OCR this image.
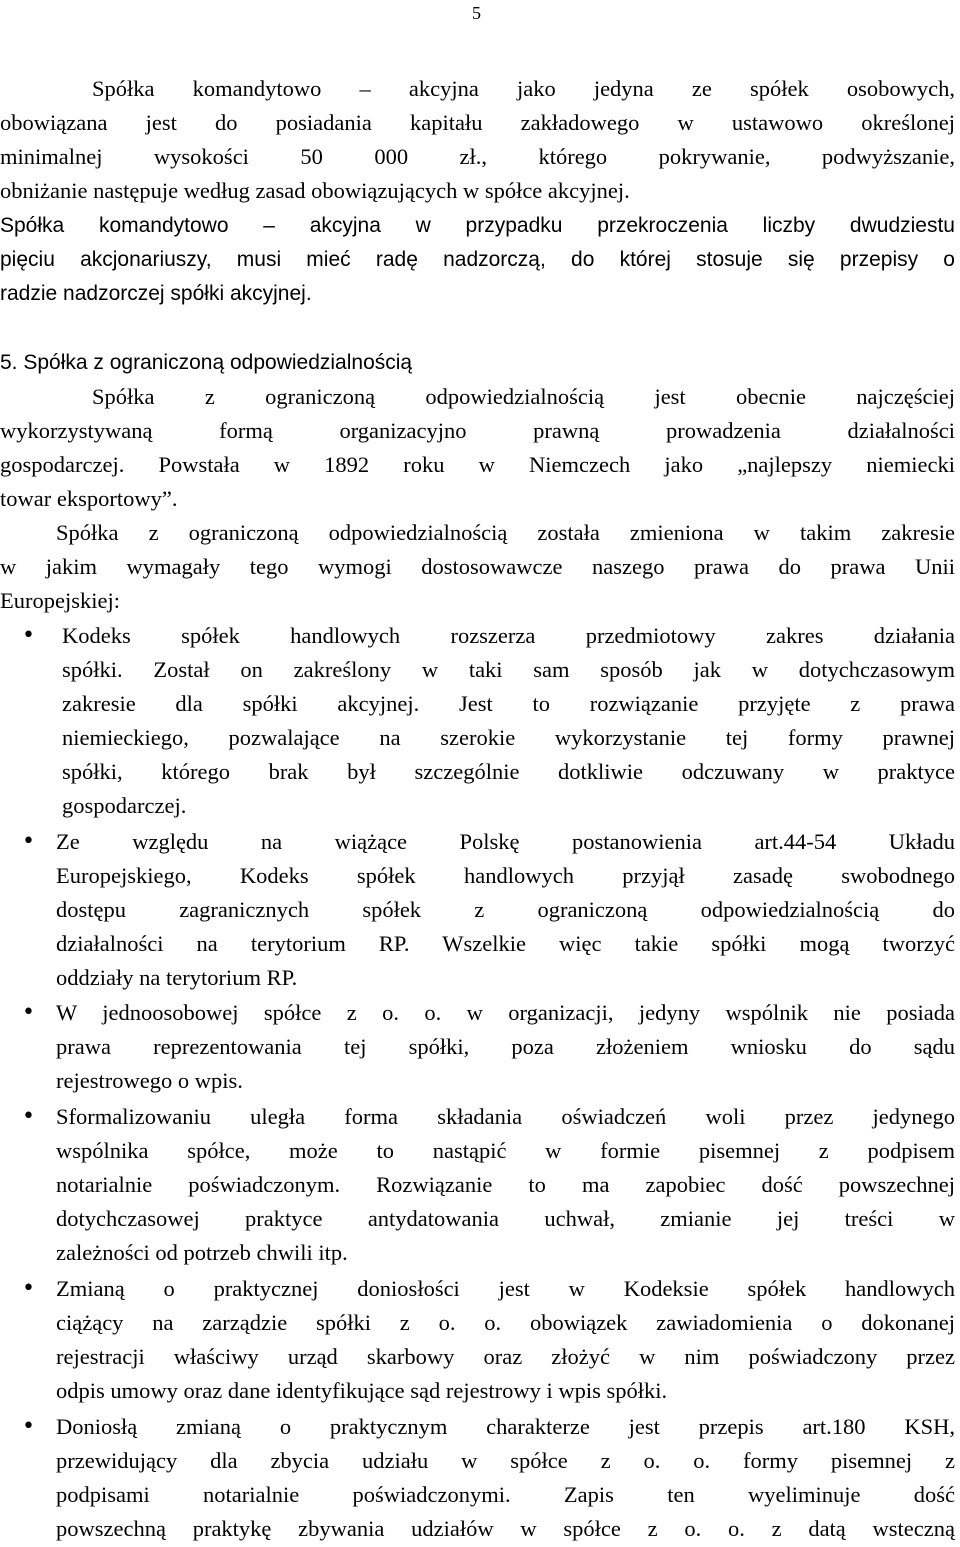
5
Spółka komandytowo – akcyjna jako jedyna ze spółek osobowych,
obowiązana jest do posiadania kapitału zakładowego w ustawowo określonej
minimalnej wysokości 50 000 zł., którego pokrywanie, podwyższanie,
obniżanie następuje według zasad obowiązujących w spółce akcyjnej.
Spółka komandytowo – akcyjna w przypadku przekroczenia liczby dwudziestu
pięciu akcjonariuszy, musi mieć radę nadzorczą, do której stosuje się przepisy o
radzie nadzorczej spółki akcyjnej.
5. Spółka z ograniczoną odpowiedzialnością
Spółka z ograniczoną odpowiedzialnością jest obecnie najczęściej
wykorzystywaną formą organizacyjno prawną prowadzenia działalności
gospodarczej. Powstała w 1892 roku w Niemczech jako „najlepszy niemiecki
towar eksportowy”.
Spółka z ograniczoną odpowiedzialnością została zmieniona w takim zakresie
w jakim wymagały tego wymogi dostosowawcze naszego prawa do prawa Unii
Europejskiej:
• Kodeks spółek handlowych rozszerza przedmiotowy zakres działania
spółki. Został on zakreślony w taki sam sposób jak w dotychczasowym
zakresie dla spółki akcyjnej. Jest to rozwiązanie przyjęte z prawa
niemieckiego, pozwalające na szerokie wykorzystanie tej formy prawnej
spółki, którego brak był szczególnie dotkliwie odczuwany w praktyce
gospodarczej.
• Ze względu na wiążące Polskę postanowienia art.44-54 Układu
Europejskiego, Kodeks spółek handlowych przyjął zasadę swobodnego
dostępu zagranicznych spółek z ograniczoną odpowiedzialnością do
działalności na terytorium RP. Wszelkie więc takie spółki mogą tworzyć
oddziały na terytorium RP.
• W jednoosobowej spółce z o. o. w organizacji, jedyny wspólnik nie posiada
prawa reprezentowania tej spółki, poza złożeniem wniosku do sądu
rejestrowego o wpis.
• Sformalizowaniu uległa forma składania oświadczeń woli przez jedynego
wspólnika spółce, może to nastąpić w formie pisemnej z podpisem
notarialnie poświadczonym. Rozwiązanie to ma zapobiec dość powszechnej
dotychczasowej praktyce antydatowania uchwał, zmianie jej treści w
zależności od potrzeb chwili itp.
• Zmianą o praktycznej doniosłości jest w Kodeksie spółek handlowych
ciążący na zarządzie spółki z o. o. obowiązek zawiadomienia o dokonanej
rejestracji właściwy urząd skarbowy oraz złożyć w nim poświadczony przez
odpis umowy oraz dane identyfikujące sąd rejestrowy i wpis spółki.
• Doniosłą zmianą o praktycznym charakterze jest przepis art.180 KSH,
przewidujący dla zbycia udziału w spółce z o. o. formy pisemnej z
podpisami notarialnie poświadczonymi. Zapis ten wyeliminuje dość
powszechną praktykę zbywania udziałów w spółce z o. o. z datą wsteczną
